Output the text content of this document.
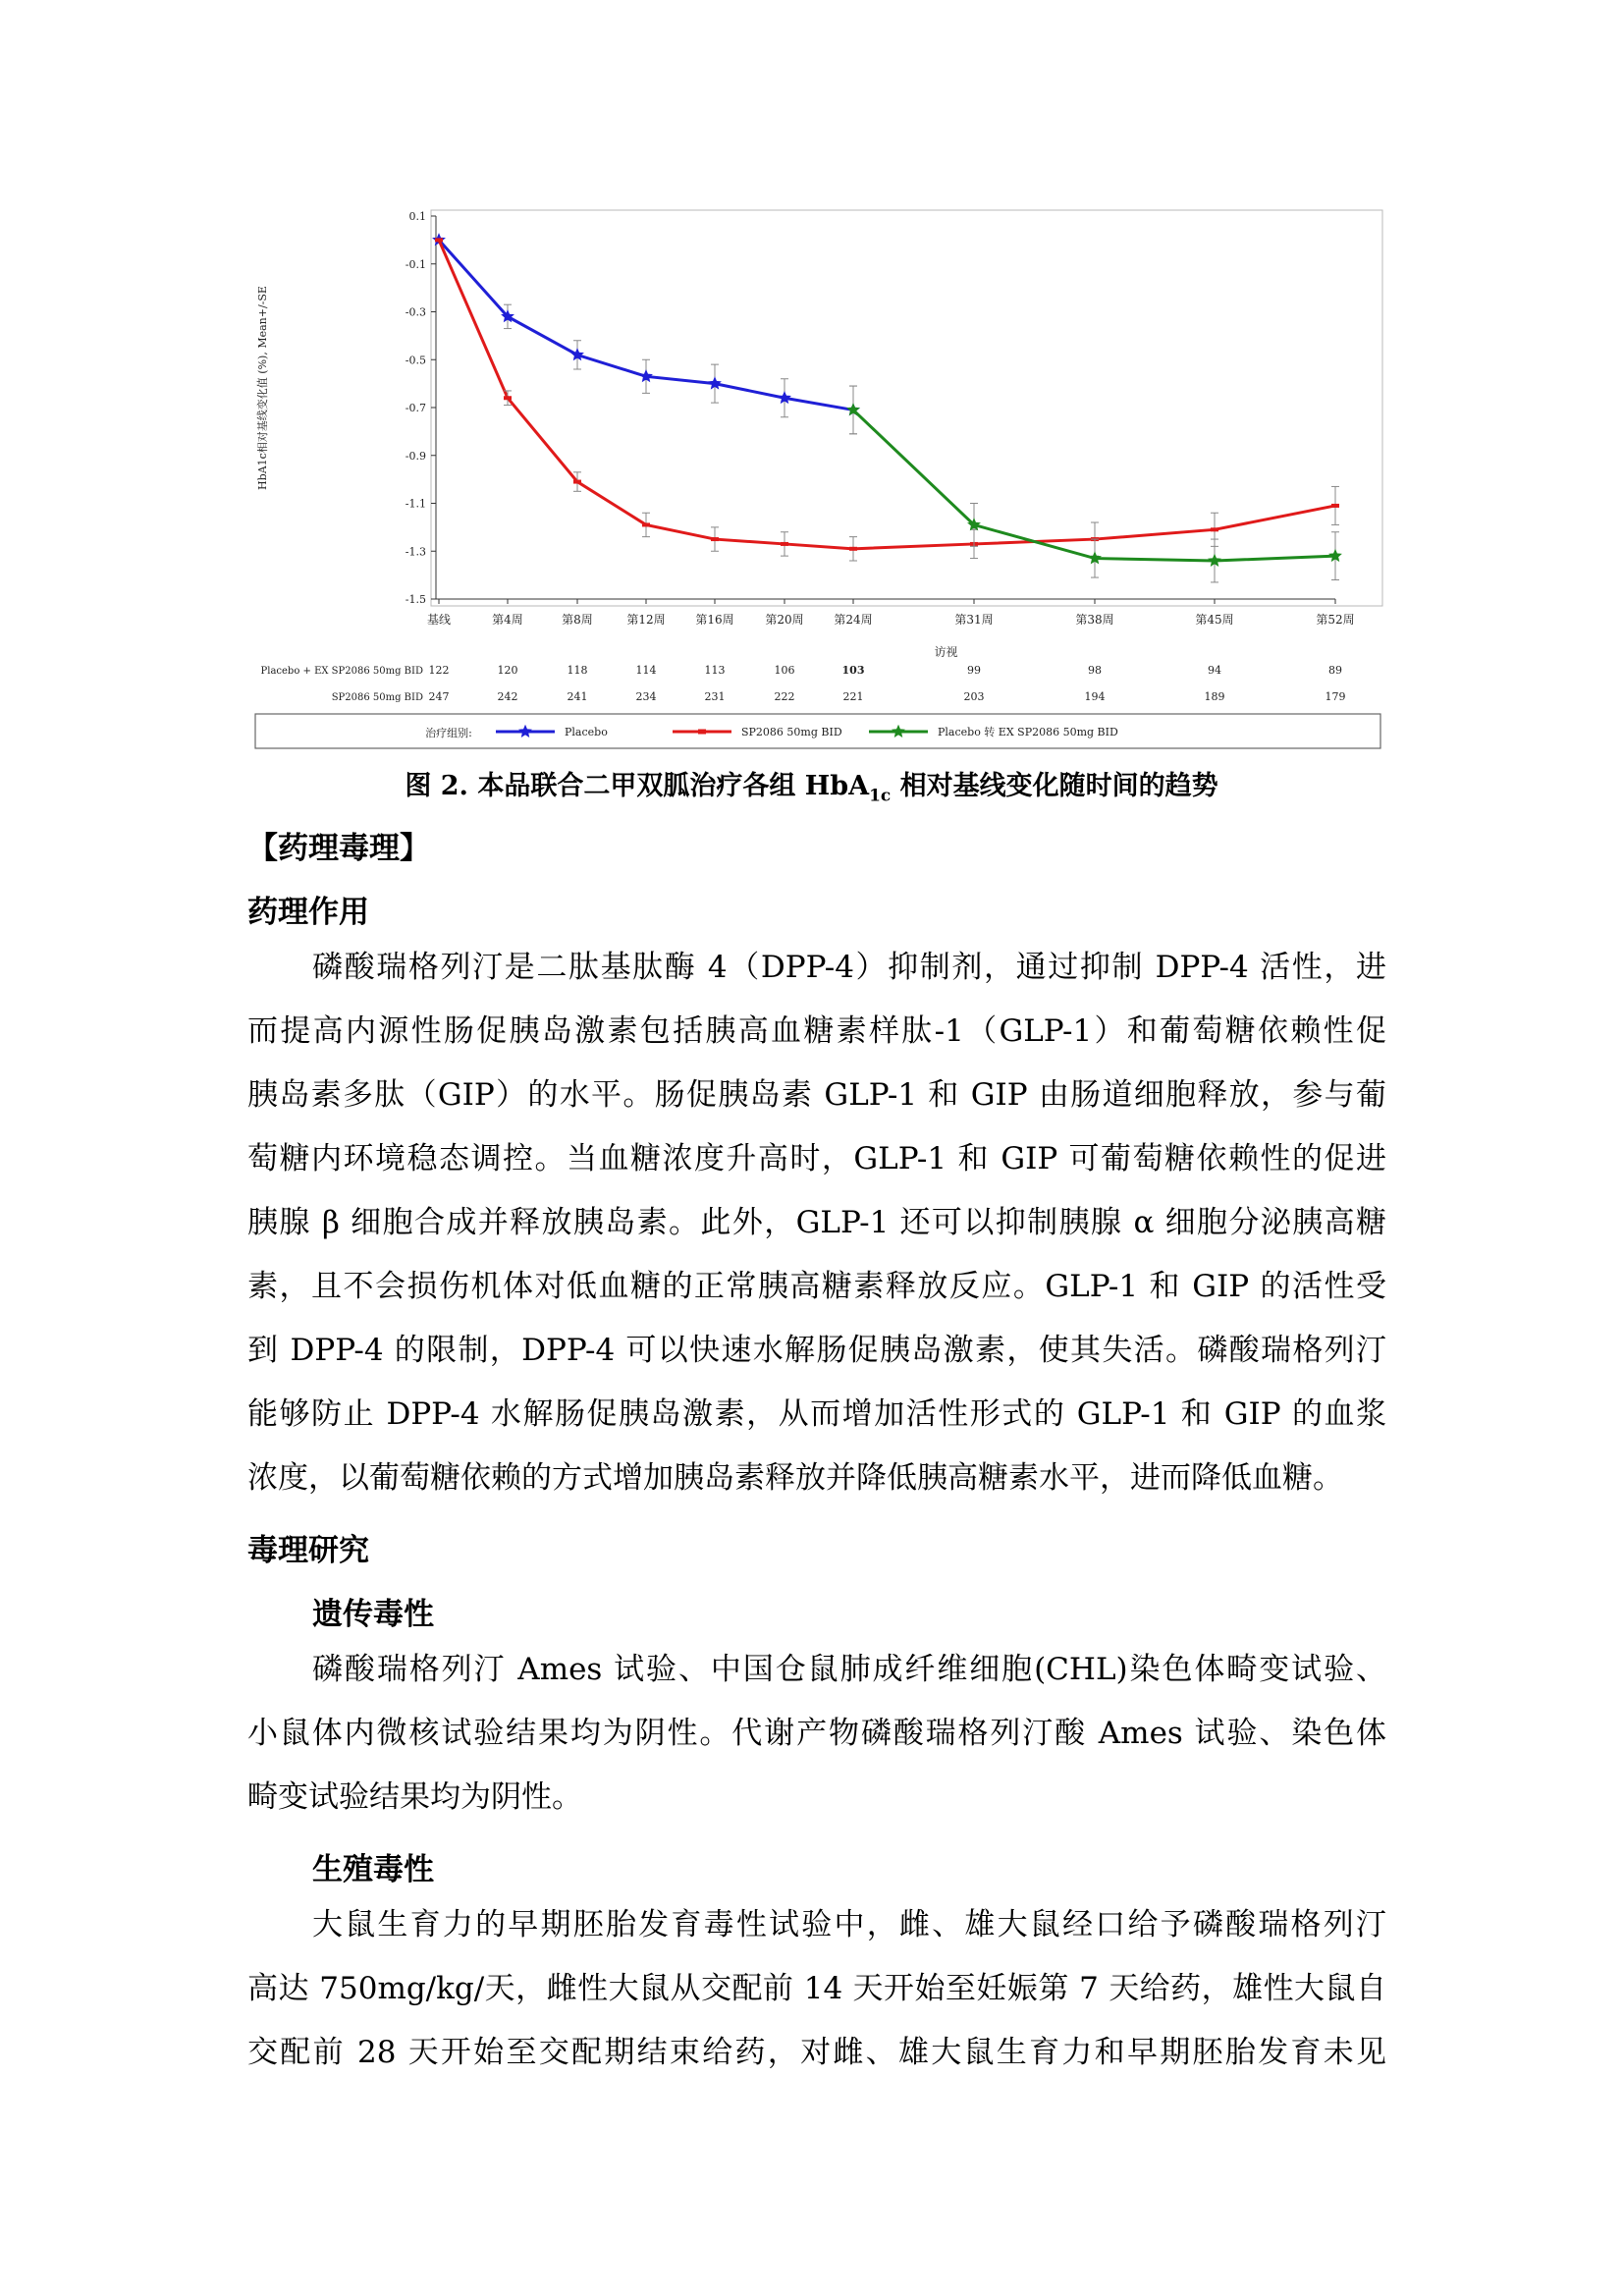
0.1
-0.1
-0.3
-0.5
-0.7
-0.9
-1.1
-1.3
-1.5
HbA1c相对基线变化值 (%), Mean+/-SE
基线	第4周	第8周	第12周	第16周	第20周	第24周	第31周	第38周	第45周	第52周
访视
Placebo + EX SP2086 50mg BID 122	120	118	114	113	106	103	99	98	94	89
SP2086 50mg BID 247	242	241	234	231	222	221	203	194	189	179
治疗组别:	Placebo	SP2086 50mg BID	Placebo 转 EX SP2086 50mg BID
图 2. 本品联合二甲双胍治疗各组 HbA$_{1c}$ 相对基线变化随时间的趋势
【药理毒理】
药理作用

磷酸瑞格列汀是二肽基肽酶 4（DPP-4）抑制剂，通过抑制 DPP-4 活性，进

而提高内源性肠促胰岛激素包括胰高血糖素样肽-1（GLP-1）和葡萄糖依赖性促

胰岛素多肽（GIP）的水平。肠促胰岛素 GLP-1 和 GIP 由肠道细胞释放，参与葡

萄糖内环境稳态调控。当血糖浓度升高时，GLP-1 和 GIP 可葡萄糖依赖性的促进

胰腺 β 细胞合成并释放胰岛素。此外，GLP-1 还可以抑制胰腺 α 细胞分泌胰高糖

素，且不会损伤机体对低血糖的正常胰高糖素释放反应。GLP-1 和 GIP 的活性受

到 DPP-4 的限制，DPP-4 可以快速水解肠促胰岛激素，使其失活。磷酸瑞格列汀

能够防止 DPP-4 水解肠促胰岛激素，从而增加活性形式的 GLP-1 和 GIP 的血浆

浓度，以葡萄糖依赖的方式增加胰岛素释放并降低胰高糖素水平，进而降低血糖。

毒理研究
遗传毒性

磷酸瑞格列汀 Ames 试验、中国仓鼠肺成纤维细胞(CHL)染色体畸变试验、

小鼠体内微核试验结果均为阴性。代谢产物磷酸瑞格列汀酸 Ames 试验、染色体

畸变试验结果均为阴性。

生殖毒性

大鼠生育力的早期胚胎发育毒性试验中，雌、雄大鼠经口给予磷酸瑞格列汀

高达 750mg/kg/天，雌性大鼠从交配前 14 天开始至妊娠第 7 天给药，雄性大鼠自

交配前 28 天开始至交配期结束给药，对雌、雄大鼠生育力和早期胚胎发育未见
